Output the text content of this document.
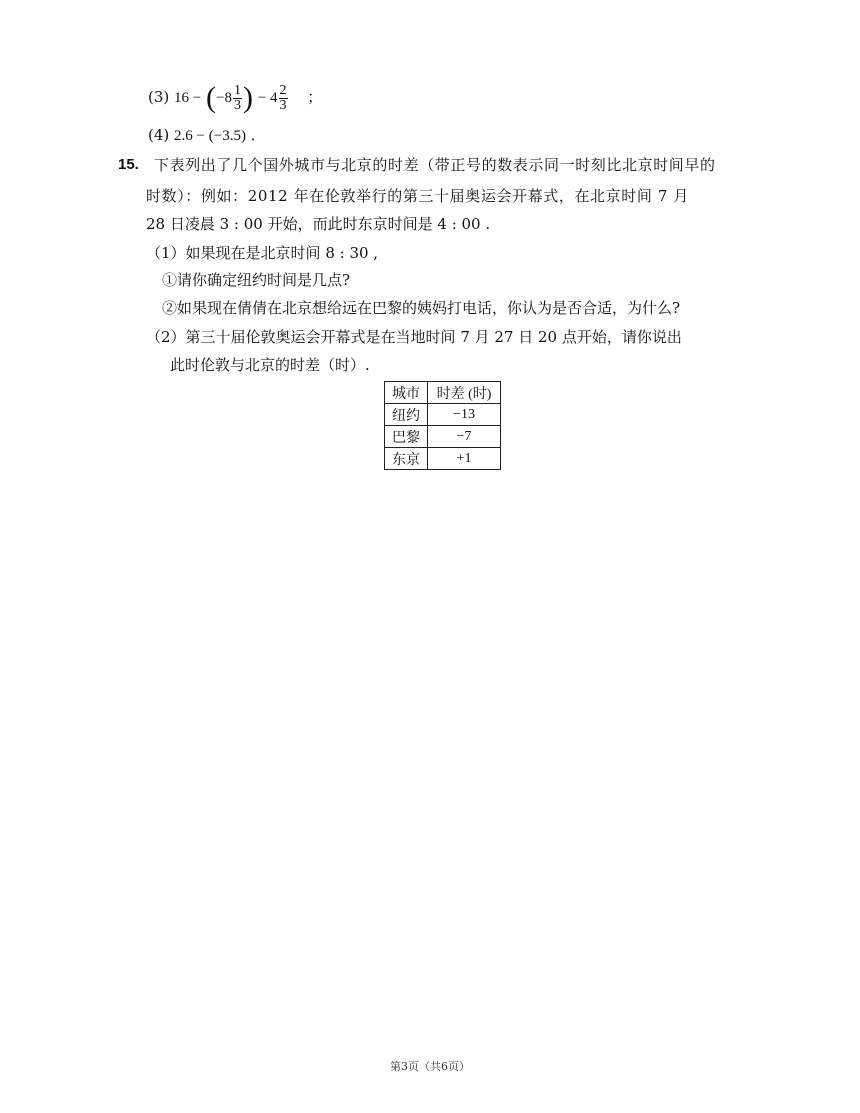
(3) $16 - (-8 \frac{1}{3}$ ) − $4 \frac{2}{3}$ ；
(4) 2.6 − (−3.5) ．
15. 下表列出了几个国外城市与北京的时差（带正号的数表示同一时刻比北京时间早的
时数）：例如：2012 年在伦敦举行的第三十届奥运会开幕式，在北京时间 7 月
28 日凌晨 3 : 00 开始，而此时东京时间是 4 : 00 .
（1）如果现在是北京时间 8 : 30 ,
①请你确定纽约时间是几点?
②如果现在倩倩在北京想给远在巴黎的姨妈打电话，你认为是否合适，为什么?
（2）第三十届伦敦奥运会开幕式是在当地时间 7 月 27 日 20 点开始，请你说出
此时伦敦与北京的时差（时）.
城市	时差 (时)
纽约	−13
巴黎	−7
东京	+1
第3页（共6页）
